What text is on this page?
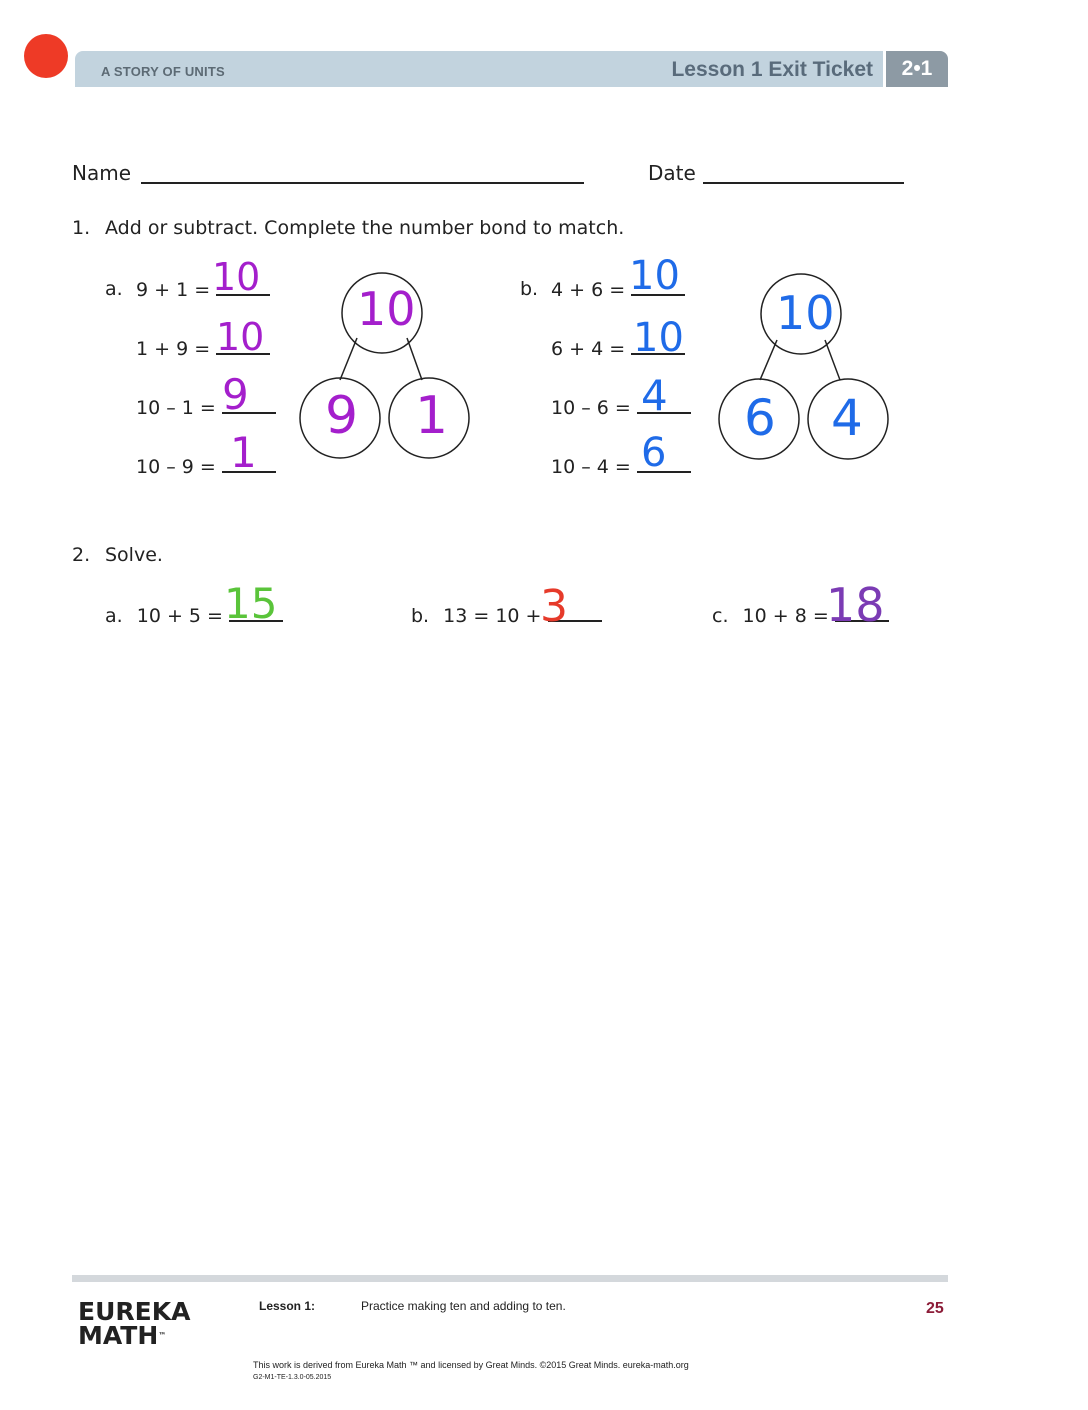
A STORY OF UNITS	Lesson 1 Exit Ticket	2•1
Name	Date
1. Add or subtract. Complete the number bond to match.
a. 9 + 1 = 10
1 + 9 = 10
10 – 1 = 9
10 – 9 = 1
10
9 1
b. 4 + 6 = 10
6 + 4 = 10
10 – 6 = 4
10 – 4 = 6
10
6 4
2. Solve.
a. 10 + 5 = 15	b. 13 = 10 +
3	c. 10 + 8 =
18
EUREKA
MATH™
Lesson 1:	Practice making ten and adding to ten.	25
This work is derived from Eureka Math ™ and licensed by Great Minds. ©2015 Great Minds. eureka-math.org
G2-M1-TE-1.3.0-05.2015
